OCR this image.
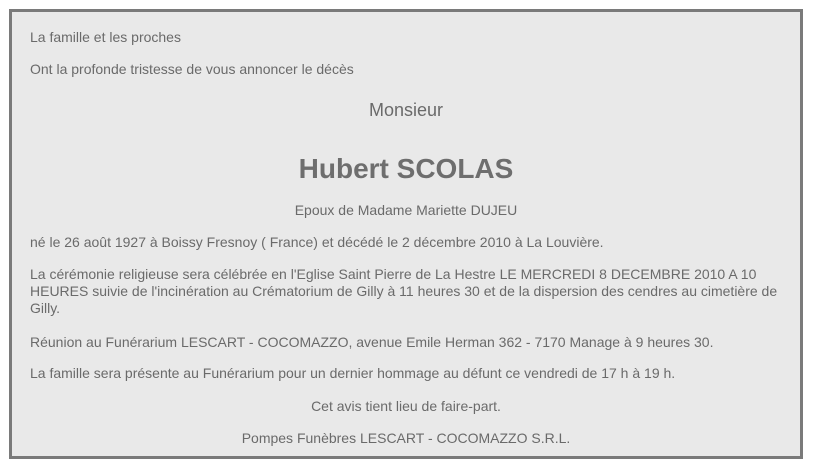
La famille et les proches

Ont la profonde tristesse de vous annoncer le décès

Monsieur

Hubert SCOLAS

Epoux de Madame Mariette DUJEU

né le 26 août 1927 à Boissy Fresnoy ( France) et décédé le 2 décembre 2010 à La Louvière.

La cérémonie religieuse sera célébrée en l'Eglise Saint Pierre de La Hestre LE MERCREDI 8 DECEMBRE 2010 A 10 HEURES suivie de l'incinération au Crématorium de Gilly à 11 heures 30 et de la dispersion des cendres au cimetière de Gilly.

Réunion au Funérarium LESCART - COCOMAZZO, avenue Emile Herman 362 - 7170 Manage à 9 heures 30.

La famille sera présente au Funérarium pour un dernier hommage au défunt ce vendredi de 17 h à 19 h.

Cet avis tient lieu de faire-part.

Pompes Funèbres LESCART - COCOMAZZO S.R.L.
